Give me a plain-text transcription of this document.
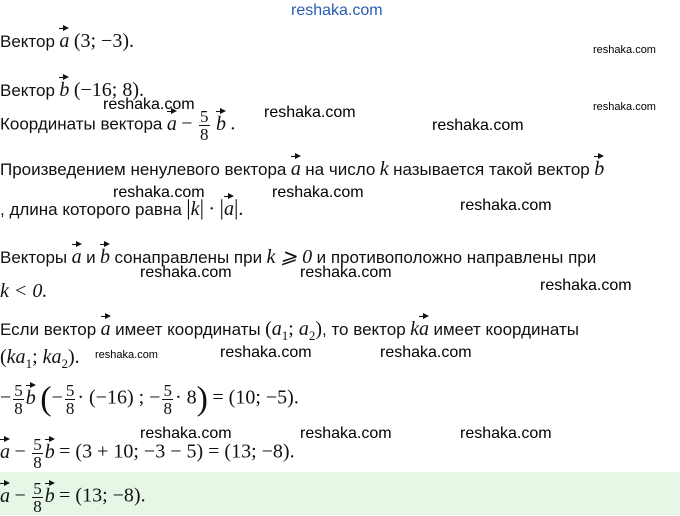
reshaka.com
Вектор a (3; −3).
Вектор b (−16; 8).
Координаты вектора $a - \frac{5}{8}$ b .
Произведением ненулевого вектора a на число k называется такой вектор b
, длина которого равна |k| · |a|.
Векторы a и b сонаправлены при k ⩾ 0 и противоположно направлены при
k < 0.
Если вектор a имеет координаты ($a_1$; $a_2$), то вектор ka имеет координаты
($ka_1$; $ka_2$).
− $\frac{5}{8}$ b (− $\frac{5}{8} \cdot (-16)$ ; − $\frac{5}{8} \cdot 8) = (10$; −5).
$a - \frac{5}{8}$ b = (3 + 10; −3 − 5) = (13; −8).
$a - \frac{5}{8}$ b = (13; −8).
reshaka.com
reshaka.com	reshaka.com
reshaka.com
reshaka.com
reshaka.com	reshaka.com
reshaka.com
reshaka.com	reshaka.com
reshaka.com
reshaka.com	reshaka.com	reshaka.com
reshaka.com	reshaka.com	reshaka.com
